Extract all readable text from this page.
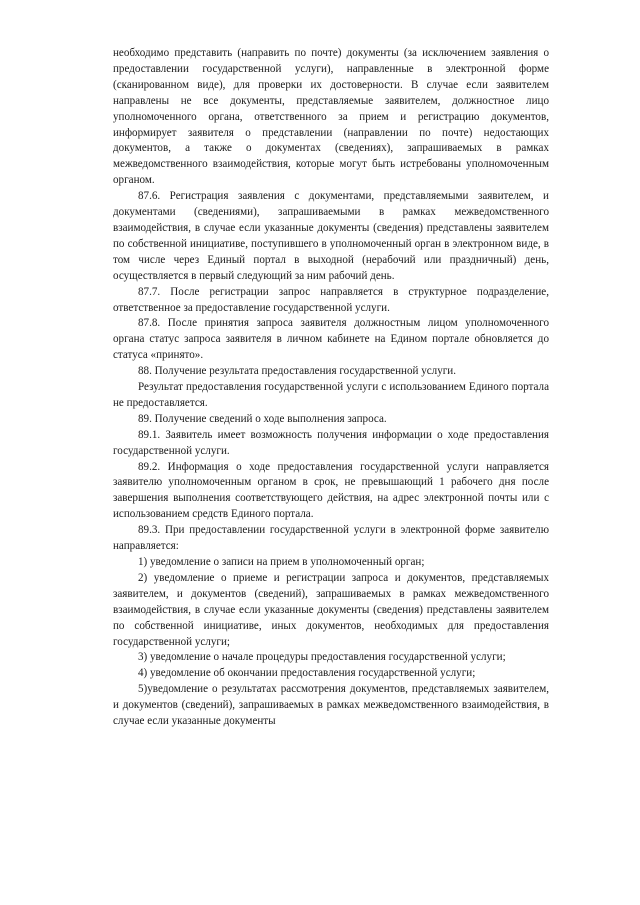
необходимо представить (направить по почте) документы (за исключением заявления о предоставлении государственной услуги), направленные в электронной форме (сканированном виде), для проверки их достоверности. В случае если заявителем направлены не все документы, представляемые заявителем, должностное лицо уполномоченного органа, ответственного за прием и регистрацию документов, информирует заявителя о представлении (направлении по почте) недостающих документов, а также о документах (сведениях), запрашиваемых в рамках межведомственного взаимодействия, которые могут быть истребованы уполномоченным органом.

87.6. Регистрация заявления с документами, представляемыми заявителем, и документами (сведениями), запрашиваемыми в рамках межведомственного взаимодействия, в случае если указанные документы (сведения) представлены заявителем по собственной инициативе, поступившего в уполномоченный орган в электронном виде, в том числе через Единый портал в выходной (нерабочий или праздничный) день, осуществляется в первый следующий за ним рабочий день.

87.7. После регистрации запрос направляется в структурное подразделение, ответственное за предоставление государственной услуги.

87.8. После принятия запроса заявителя должностным лицом уполномоченного органа статус запроса заявителя в личном кабинете на Едином портале обновляется до статуса «принято».

88. Получение результата предоставления государственной услуги.

Результат предоставления государственной услуги с использованием Единого портала не предоставляется.

89. Получение сведений о ходе выполнения запроса.

89.1. Заявитель имеет возможность получения информации о ходе предоставления государственной услуги.

89.2. Информация о ходе предоставления государственной услуги направляется заявителю уполномоченным органом в срок, не превышающий 1 рабочего дня после завершения выполнения соответствующего действия, на адрес электронной почты или с использованием средств Единого портала.

89.3. При предоставлении государственной услуги в электронной форме заявителю направляется:

1) уведомление о записи на прием в уполномоченный орган;

2) уведомление о приеме и регистрации запроса и документов, представляемых заявителем, и документов (сведений), запрашиваемых в рамках межведомственного взаимодействия, в случае если указанные документы (сведения) представлены заявителем по собственной инициативе, иных документов, необходимых для предоставления государственной услуги;

3) уведомление о начале процедуры предоставления государственной услуги;

4) уведомление об окончании предоставления государственной услуги;

5)уведомление о результатах рассмотрения документов, представляемых заявителем, и документов (сведений), запрашиваемых в рамках межведомственного взаимодействия, в случае если указанные документы
